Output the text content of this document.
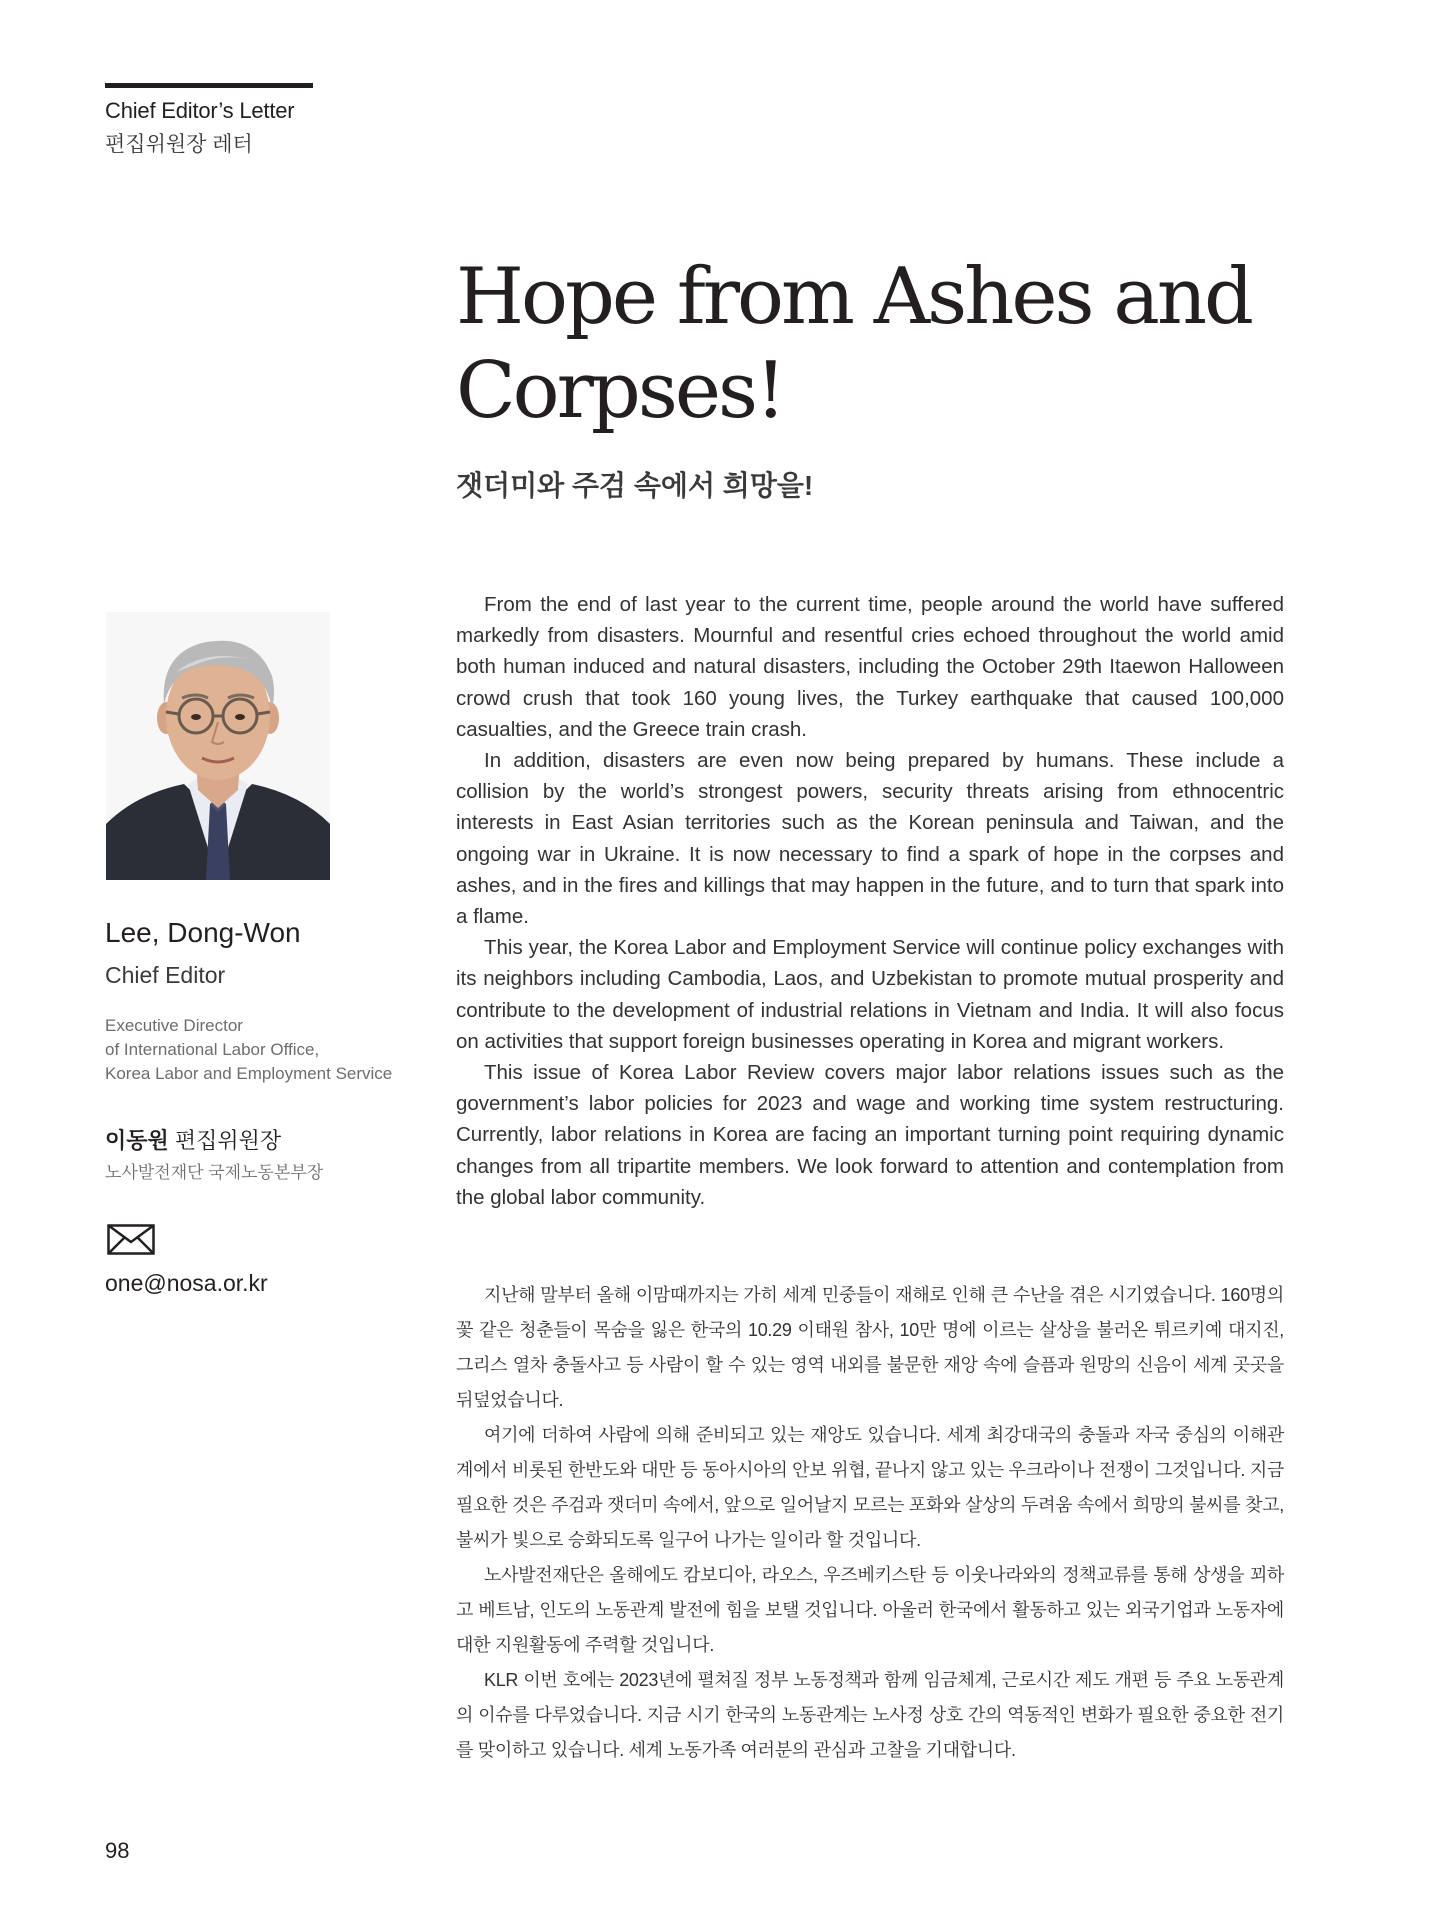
Chief Editor’s Letter
편집위원장 레터
Hope from Ashes and
Corpses!
잿더미와 주검 속에서 희망을!
Lee, Dong-Won
Chief Editor
Executive Director
of International Labor Office,
Korea Labor and Employment Service
이동원 편집위원장
노사발전재단 국제노동본부장
one@nosa.or.kr

From the end of last year to the current time, people around the world have suffered markedly from disasters. Mournful and resentful cries echoed throughout the world amid both human induced and natural disasters, including the October 29th Itaewon Halloween crowd crush that took 160 young lives, the Turkey earthquake that caused 100,000 casualties, and the Greece train crash.

In addition, disasters are even now being prepared by humans. These include a collision by the world’s strongest powers, security threats arising from ethnocentric interests in East Asian territories such as the Korean peninsula and Taiwan, and the ongoing war in Ukraine. It is now necessary to find a spark of hope in the corpses and ashes, and in the fires and killings that may happen in the future, and to turn that spark into a flame.

This year, the Korea Labor and Employment Service will continue policy exchanges with its neighbors including Cambodia, Laos, and Uzbekistan to promote mutual prosperity and contribute to the development of industrial relations in Vietnam and India. It will also focus on activities that support foreign businesses operating in Korea and migrant workers.

This issue of Korea Labor Review covers major labor relations issues such as the government’s labor policies for 2023 and wage and working time system restructuring. Currently, labor relations in Korea are facing an important turning point requiring dynamic changes from all tripartite members. We look forward to attention and contemplation from the global labor community.

지난해 말부터 올해 이맘때까지는 가히 세계 민중들이 재해로 인해 큰 수난을 겪은 시기였습니다. 160명의 꽃 같은 청춘들이 목숨을 잃은 한국의 10.29 이태원 참사, 10만 명에 이르는 살상을 불러온 튀르키예 대지진, 그리스 열차 충돌사고 등 사람이 할 수 있는 영역 내외를 불문한 재앙 속에 슬픔과 원망의 신음이 세계 곳곳을 뒤덮었습니다.

여기에 더하여 사람에 의해 준비되고 있는 재앙도 있습니다. 세계 최강대국의 충돌과 자국 중심의 이해관계에서 비롯된 한반도와 대만 등 동아시아의 안보 위협, 끝나지 않고 있는 우크라이나 전쟁이 그것입니다. 지금 필요한 것은 주검과 잿더미 속에서, 앞으로 일어날지 모르는 포화와 살상의 두려움 속에서 희망의 불씨를 찾고, 불씨가 빛으로 승화되도록 일구어 나가는 일이라 할 것입니다.

노사발전재단은 올해에도 캄보디아, 라오스, 우즈베키스탄 등 이웃나라와의 정책교류를 통해 상생을 꾀하고 베트남, 인도의 노동관계 발전에 힘을 보탤 것입니다. 아울러 한국에서 활동하고 있는 외국기업과 노동자에 대한 지원활동에 주력할 것입니다.

KLR 이번 호에는 2023년에 펼쳐질 정부 노동정책과 함께 임금체계, 근로시간 제도 개편 등 주요 노동관계의 이슈를 다루었습니다. 지금 시기 한국의 노동관계는 노사정 상호 간의 역동적인 변화가 필요한 중요한 전기를 맞이하고 있습니다. 세계 노동가족 여러분의 관심과 고찰을 기대합니다.

98
